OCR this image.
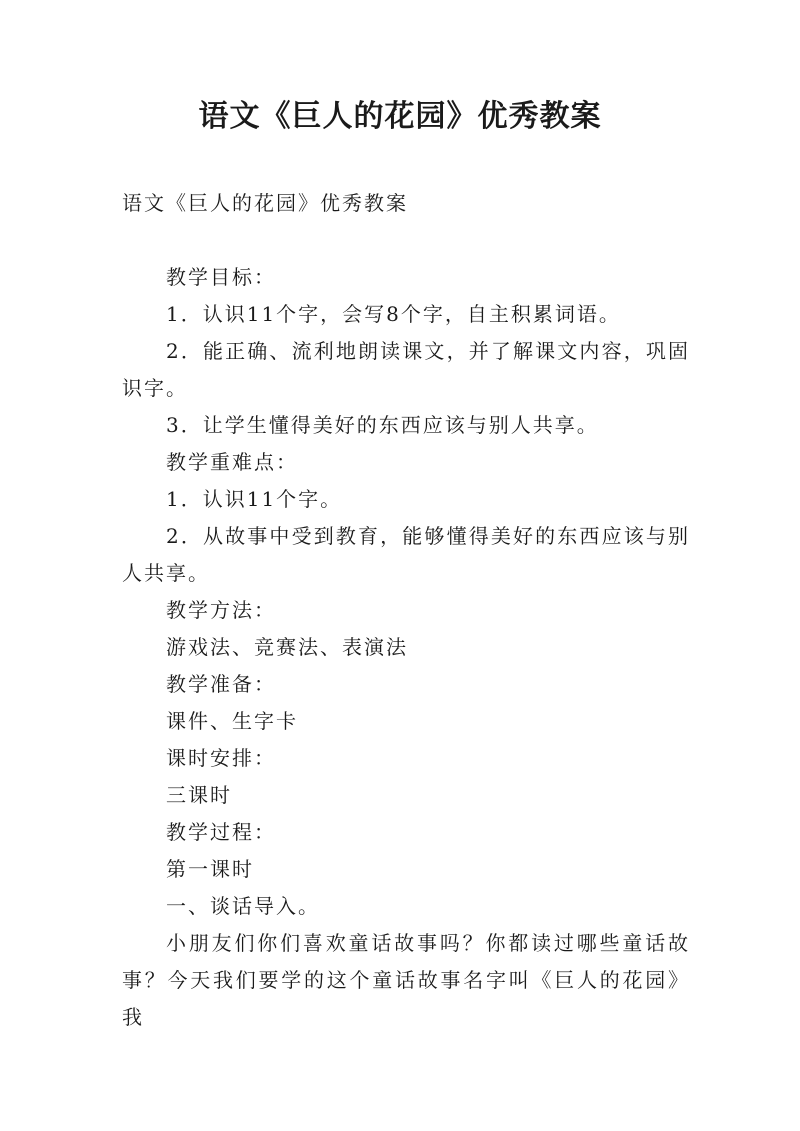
语文《巨人的花园》优秀教案

语文《巨人的花园》优秀教案

教学目标：

1．认识11个字，会写8个字，自主积累词语。

2．能正确、流利地朗读课文，并了解课文内容，巩固识字。

3．让学生懂得美好的东西应该与别人共享。

教学重难点：

1．认识11个字。

2．从故事中受到教育，能够懂得美好的东西应该与别人共享。

教学方法：

游戏法、竞赛法、表演法

教学准备：

课件、生字卡

课时安排：

三课时

教学过程：

第一课时

一、谈话导入。

小朋友们你们喜欢童话故事吗？你都读过哪些童话故事？今天我们要学的这个童话故事名字叫《巨人的花园》我
